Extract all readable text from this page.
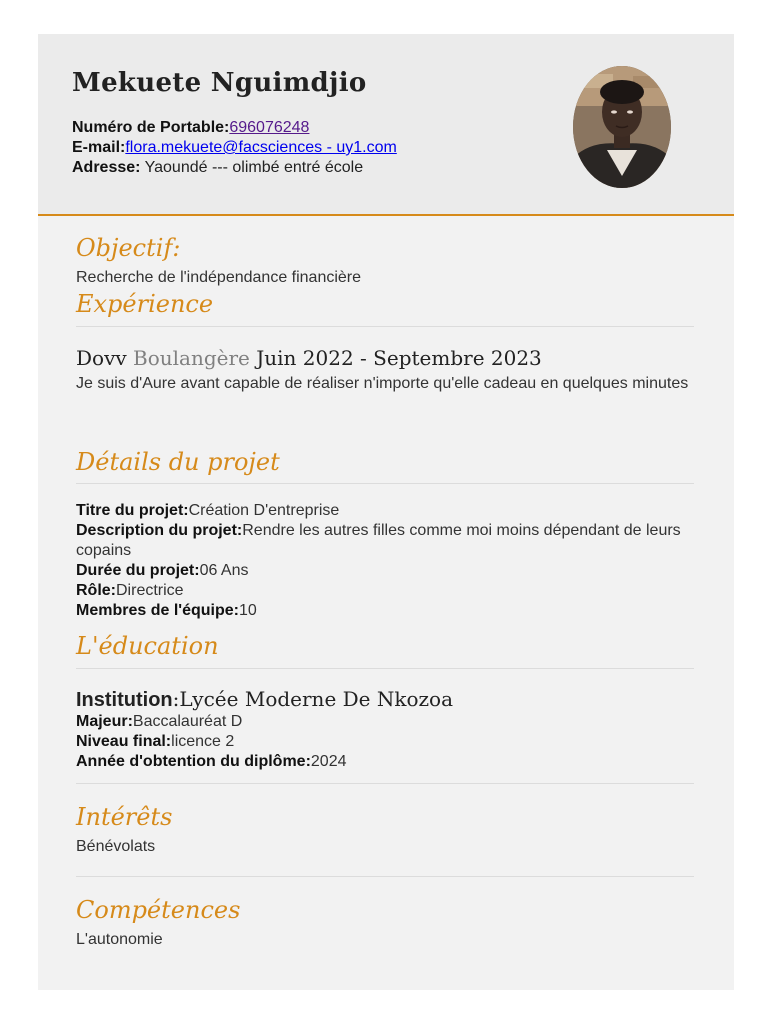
Mekuete Nguimdjio
Numéro de Portable:696076248
E-mail:flora.mekuete@facsciences - uy1.com
Adresse: Yaoundé --- olimbé entré école
Objectif:
Recherche de l'indépendance financière
Expérience
Dovv Boulangère Juin 2022 - Septembre 2023
Je suis d'Aure avant capable de réaliser n'importe qu'elle cadeau en quelques minutes
Détails du projet
Titre du projet:Création D'entreprise
Description du projet:Rendre les autres filles comme moi moins dépendant de leurs copains
Durée du projet:06 Ans
Rôle:Directrice
Membres de l'équipe:10
L'éducation
Institution:Lycée Moderne De Nkozoa
Majeur:Baccalauréat D
Niveau final:licence 2
Année d'obtention du diplôme:2024
Intérêts
Bénévolats
Compétences
L'autonomie
